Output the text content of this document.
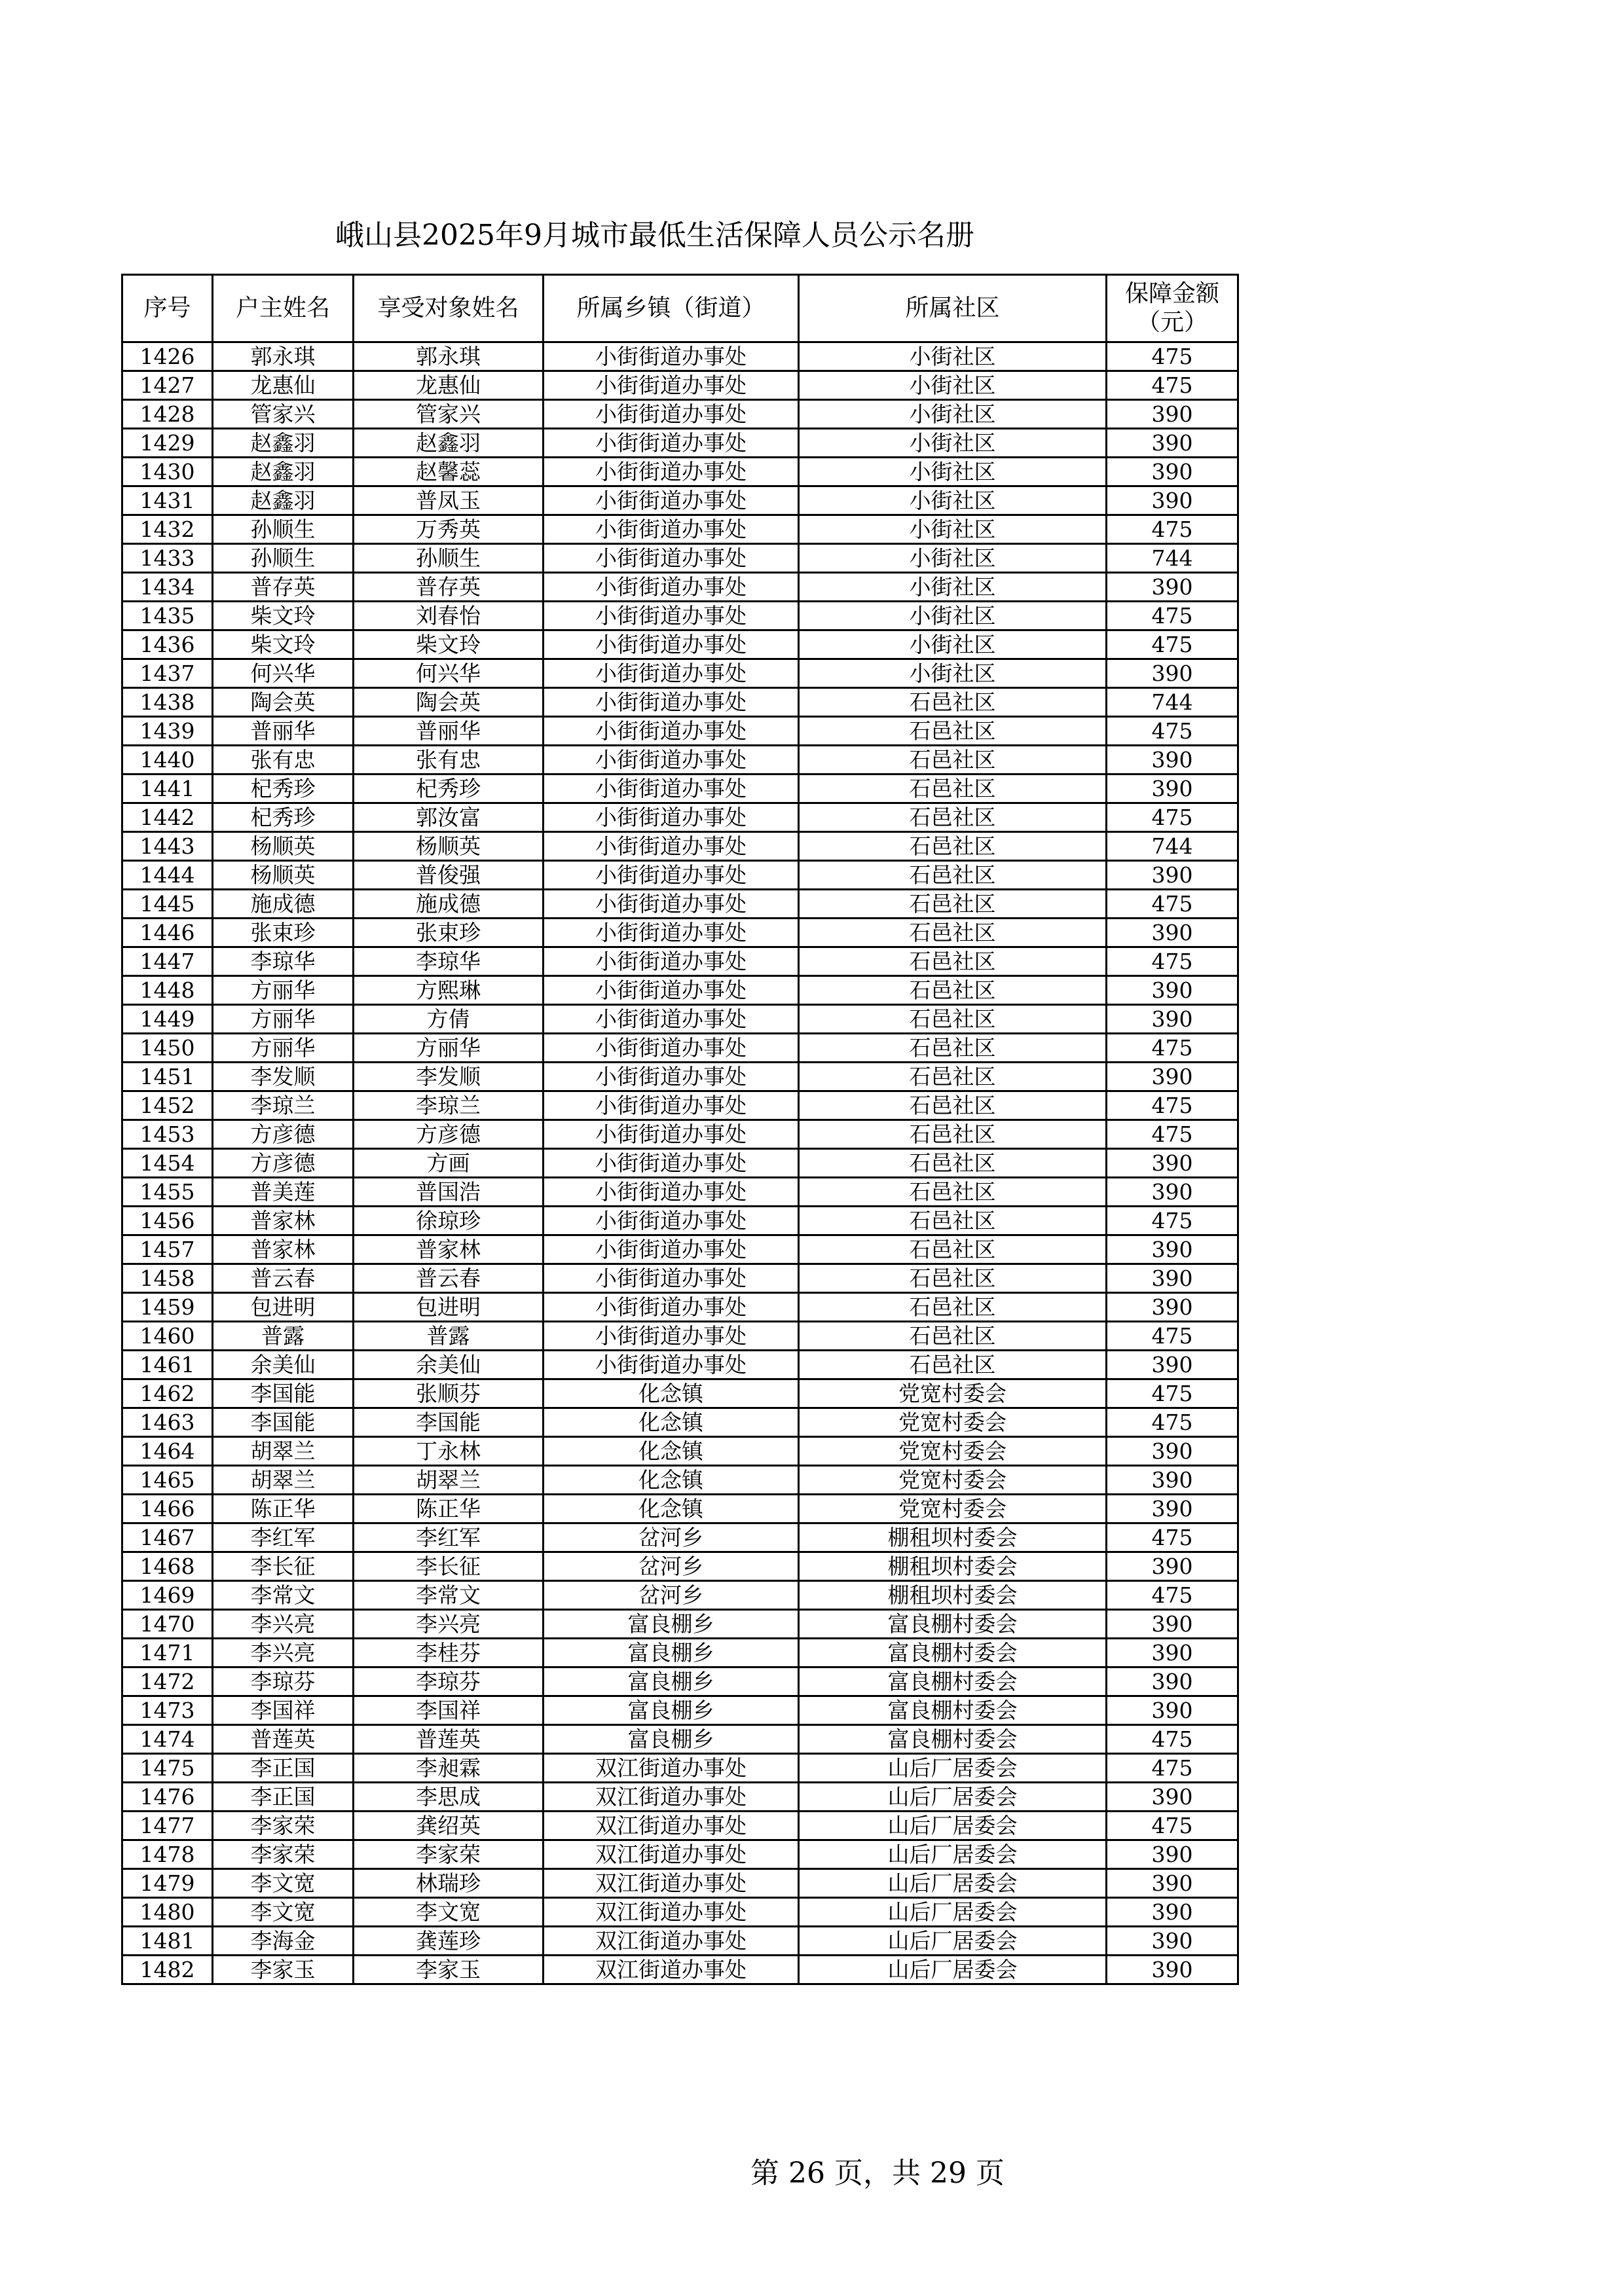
峨山县2025年9月城市最低生活保障人员公示名册
序号	户主姓名	享受对象姓名	所属乡镇（街道）	所属社区	保障金额（元）
1426	郭永琪	郭永琪	小街街道办事处	小街社区	475
1427	龙惠仙	龙惠仙	小街街道办事处	小街社区	475
1428	管家兴	管家兴	小街街道办事处	小街社区	390
1429	赵鑫羽	赵鑫羽	小街街道办事处	小街社区	390
1430	赵鑫羽	赵馨蕊	小街街道办事处	小街社区	390
1431	赵鑫羽	普凤玉	小街街道办事处	小街社区	390
1432	孙顺生	万秀英	小街街道办事处	小街社区	475
1433	孙顺生	孙顺生	小街街道办事处	小街社区	744
1434	普存英	普存英	小街街道办事处	小街社区	390
1435	柴文玲	刘春怡	小街街道办事处	小街社区	475
1436	柴文玲	柴文玲	小街街道办事处	小街社区	475
1437	何兴华	何兴华	小街街道办事处	小街社区	390
1438	陶会英	陶会英	小街街道办事处	石邑社区	744
1439	普丽华	普丽华	小街街道办事处	石邑社区	475
1440	张有忠	张有忠	小街街道办事处	石邑社区	390
1441	杞秀珍	杞秀珍	小街街道办事处	石邑社区	390
1442	杞秀珍	郭汝富	小街街道办事处	石邑社区	475
1443	杨顺英	杨顺英	小街街道办事处	石邑社区	744
1444	杨顺英	普俊强	小街街道办事处	石邑社区	390
1445	施成德	施成德	小街街道办事处	石邑社区	475
1446	张束珍	张束珍	小街街道办事处	石邑社区	390
1447	李琼华	李琼华	小街街道办事处	石邑社区	475
1448	方丽华	方熙琳	小街街道办事处	石邑社区	390
1449	方丽华	方倩	小街街道办事处	石邑社区	390
1450	方丽华	方丽华	小街街道办事处	石邑社区	475
1451	李发顺	李发顺	小街街道办事处	石邑社区	390
1452	李琼兰	李琼兰	小街街道办事处	石邑社区	475
1453	方彦德	方彦德	小街街道办事处	石邑社区	475
1454	方彦德	方画	小街街道办事处	石邑社区	390
1455	普美莲	普国浩	小街街道办事处	石邑社区	390
1456	普家林	徐琼珍	小街街道办事处	石邑社区	475
1457	普家林	普家林	小街街道办事处	石邑社区	390
1458	普云春	普云春	小街街道办事处	石邑社区	390
1459	包进明	包进明	小街街道办事处	石邑社区	390
1460	普露	普露	小街街道办事处	石邑社区	475
1461	余美仙	余美仙	小街街道办事处	石邑社区	390
1462	李国能	张顺芬	化念镇	党宽村委会	475
1463	李国能	李国能	化念镇	党宽村委会	475
1464	胡翠兰	丁永林	化念镇	党宽村委会	390
1465	胡翠兰	胡翠兰	化念镇	党宽村委会	390
1466	陈正华	陈正华	化念镇	党宽村委会	390
1467	李红军	李红军	岔河乡	棚租坝村委会	475
1468	李长征	李长征	岔河乡	棚租坝村委会	390
1469	李常文	李常文	岔河乡	棚租坝村委会	475
1470	李兴亮	李兴亮	富良棚乡	富良棚村委会	390
1471	李兴亮	李桂芬	富良棚乡	富良棚村委会	390
1472	李琼芬	李琼芬	富良棚乡	富良棚村委会	390
1473	李国祥	李国祥	富良棚乡	富良棚村委会	390
1474	普莲英	普莲英	富良棚乡	富良棚村委会	475
1475	李正国	李昶霖	双江街道办事处	山后厂居委会	475
1476	李正国	李思成	双江街道办事处	山后厂居委会	390
1477	李家荣	龚绍英	双江街道办事处	山后厂居委会	475
1478	李家荣	李家荣	双江街道办事处	山后厂居委会	390
1479	李文宽	林瑞珍	双江街道办事处	山后厂居委会	390
1480	李文宽	李文宽	双江街道办事处	山后厂居委会	390
1481	李海金	龚莲珍	双江街道办事处	山后厂居委会	390
1482	李家玉	李家玉	双江街道办事处	山后厂居委会	390
第 26 页，共 29 页
